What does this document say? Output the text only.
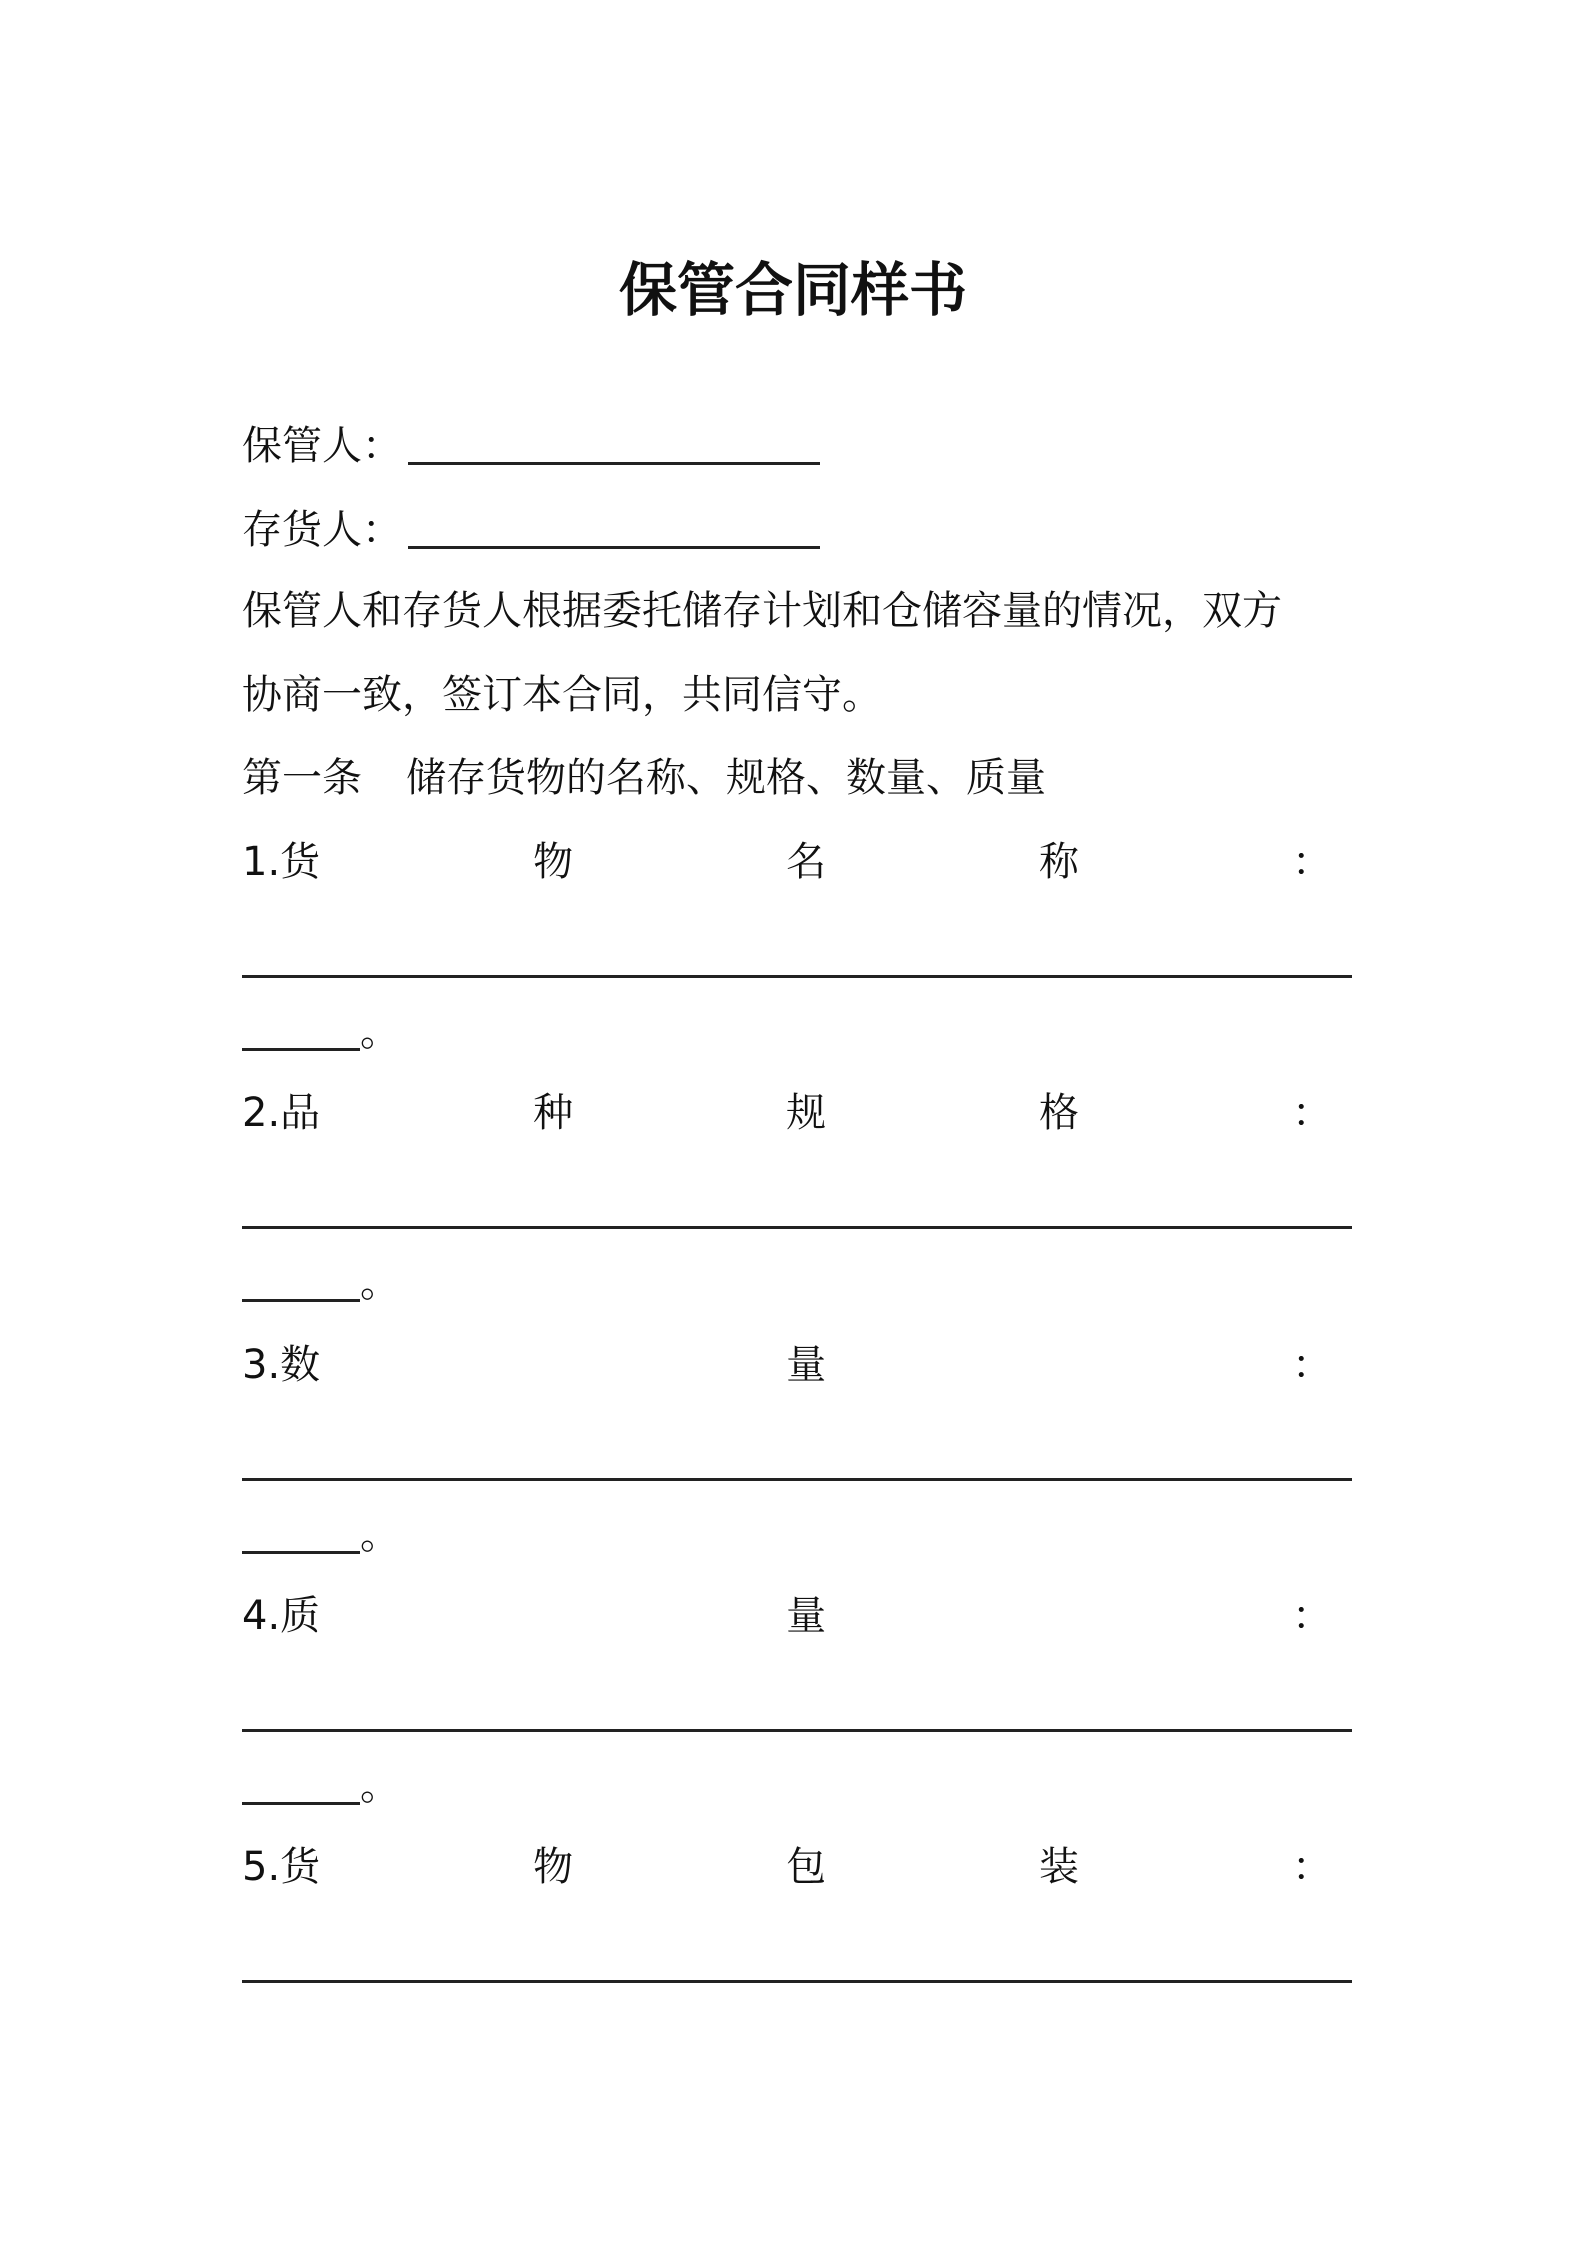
保管合同样书
保管人：
存货人：
保管人和存货人根据委托储存计划和仓储容量的情况，双方
协商一致，签订本合同，共同信守。
第一条 储存货物的名称、规格、数量、质量
1.货	物	名	称	：
。
2.品	种	规	格	：
。
3.数	量	：
。
4.质	量	：
。
5.货	物	包	装	：
